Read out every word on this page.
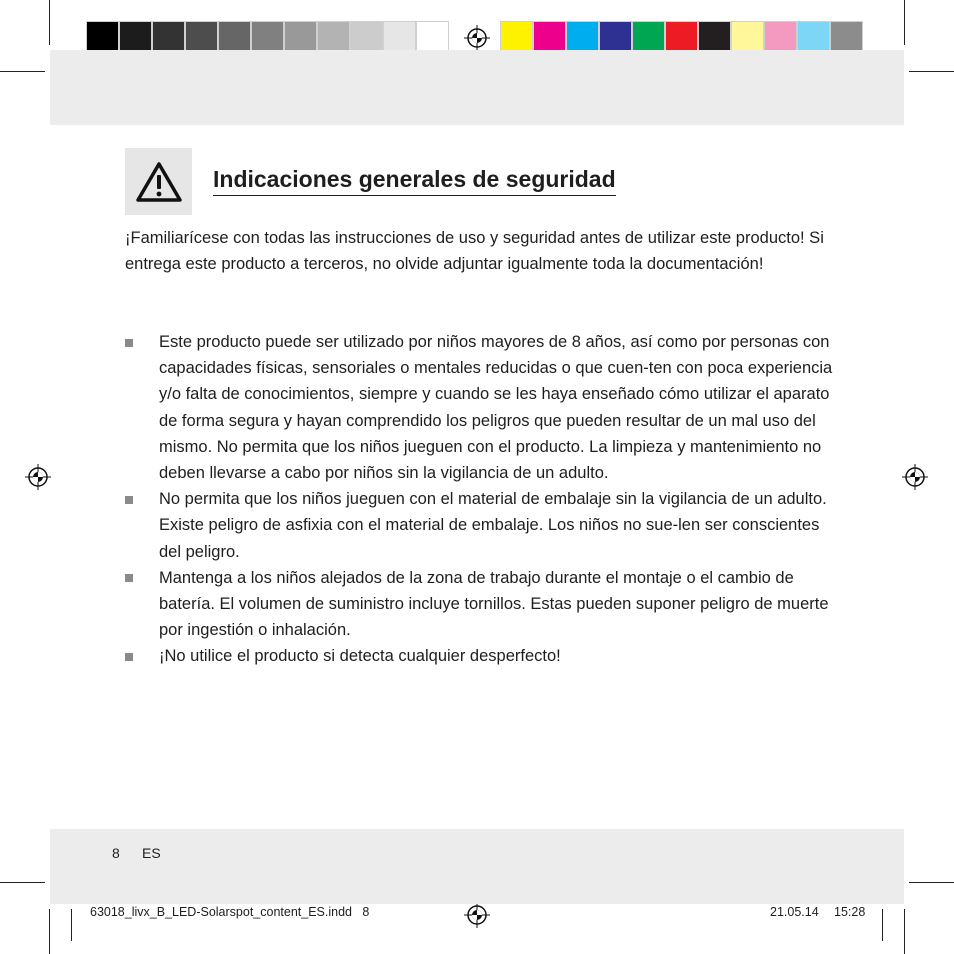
Indicaciones generales de seguridad

¡Familiarícese con todas las instrucciones de uso y seguridad antes de utilizar este producto! Si entrega este producto a terceros, no olvide adjuntar igualmente toda la documentación!

Este producto puede ser utilizado por niños mayores de 8 años, así como por personas con capacidades físicas, sensoriales o mentales reducidas o que cuen-ten con poca experiencia y/o falta de conocimientos, siempre y cuando se les haya enseñado cómo utilizar el aparato de forma segura y hayan comprendido los peligros que pueden resultar de un mal uso del mismo. No permita que los niños jueguen con el producto. La limpieza y mantenimiento no deben llevarse a cabo por niños sin la vigilancia de un adulto.
No permita que los niños jueguen con el material de embalaje sin la vigilancia de un adulto. Existe peligro de asfixia con el material de embalaje. Los niños no sue-len ser conscientes del peligro.
Mantenga a los niños alejados de la zona de trabajo durante el montaje o el cambio de batería. El volumen de suministro incluye tornillos. Estas pueden suponer peligro de muerte por ingestión o inhalación.
¡No utilice el producto si detecta cualquier desperfecto!
8 ES
63018_livx_B_LED-Solarspot_content_ES.indd   8	21.05.14 15:28
